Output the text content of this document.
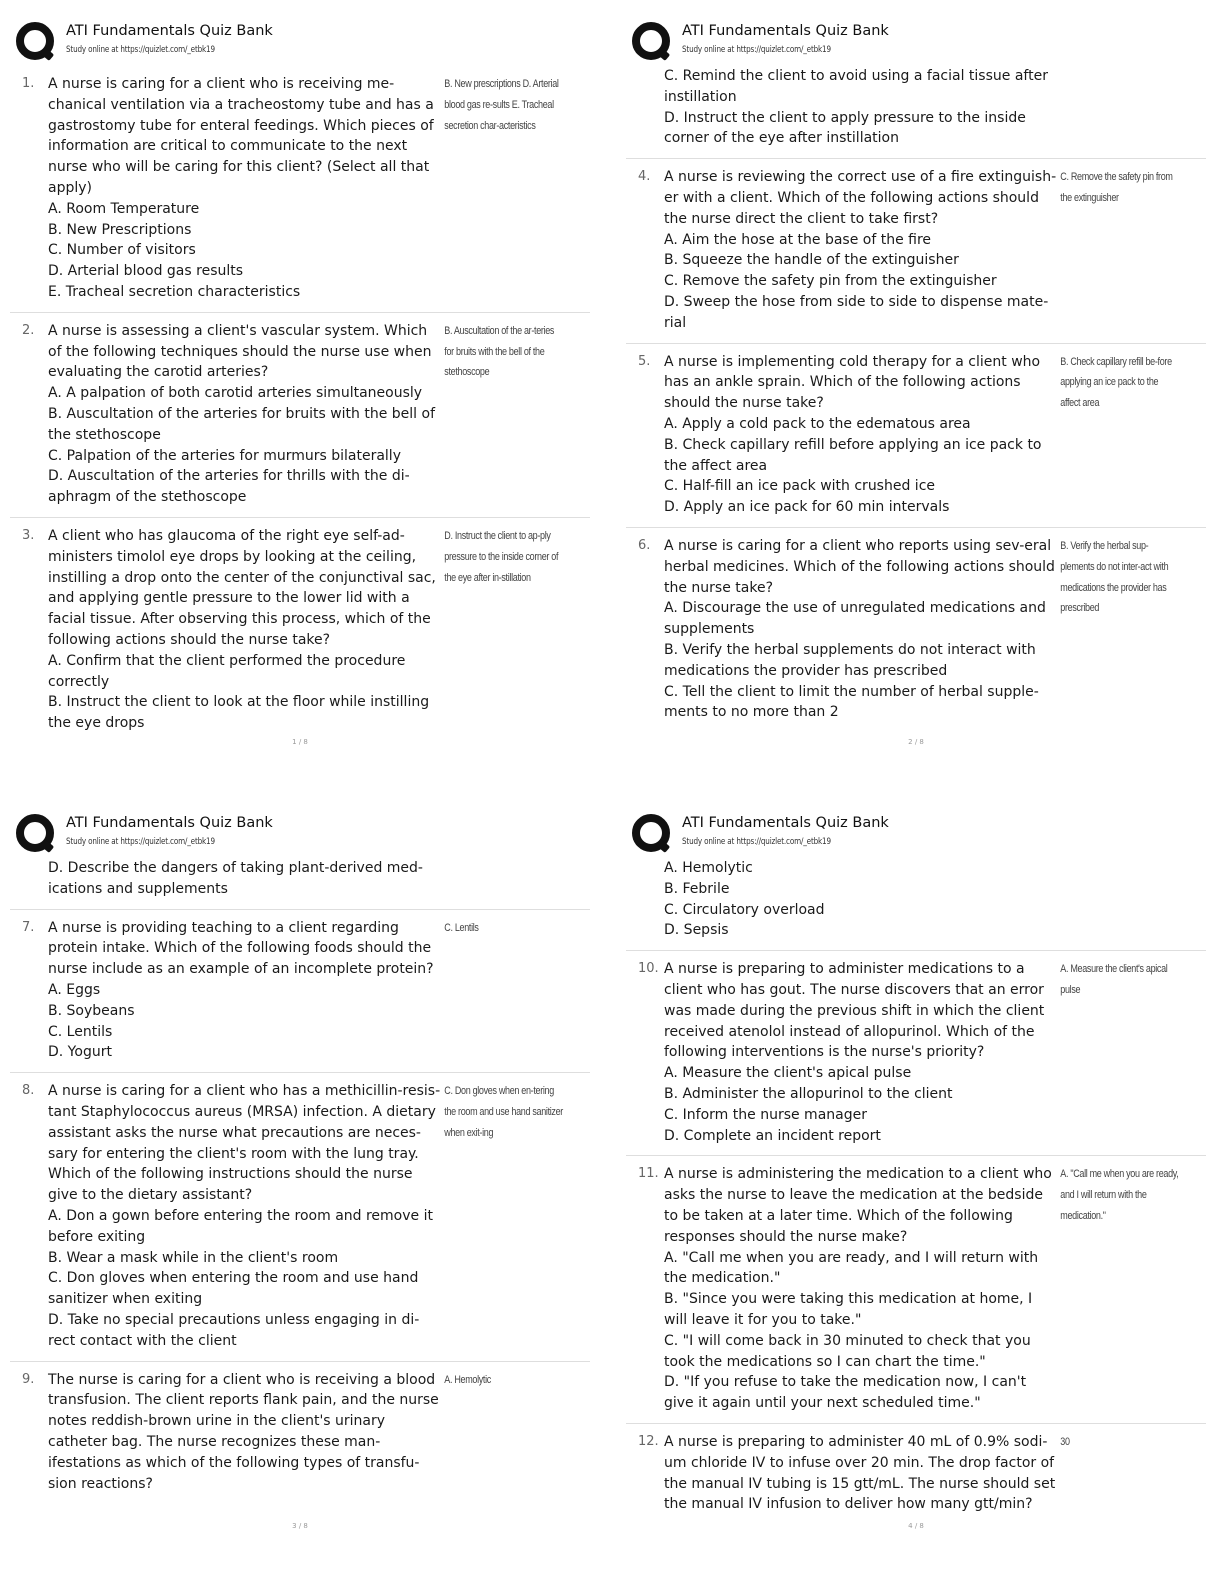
ATI Fundamentals Quiz Bank
Study online at https://quizlet.com/_etbk19
1. A nurse is caring for a client who is receiving me-chanical ventilation via a tracheostomy tube and has a gastrostomy tube for enteral feedings. Which pieces of information are critical to communicate to the next nurse who will be caring for this client? (Select all that apply)
A. Room Temperature
B. New Prescriptions
C. Number of visitors
D. Arterial blood gas results
E. Tracheal secretion characteristics
B. New prescriptions D. Arterial blood gas re-sults E. Tracheal secretion char-acteristics
2. A nurse is assessing a client's vascular system. Which of the following techniques should the nurse use when evaluating the carotid arteries?
A. A palpation of both carotid arteries simultaneously
B. Auscultation of the arteries for bruits with the bell of the stethoscope
C. Palpation of the arteries for murmurs bilaterally
D. Auscultation of the arteries for thrills with the di-aphragm of the stethoscope
B. Auscultation of the ar-teries for bruits with the bell of the stethoscope
3. A client who has glaucoma of the right eye self-ad-ministers timolol eye drops by looking at the ceiling, instilling a drop onto the center of the conjunctival sac, and applying gentle pressure to the lower lid with a facial tissue. After observing this process, which of the following actions should the nurse take?
A. Confirm that the client performed the procedure correctly
B. Instruct the client to look at the floor while instilling the eye drops
D. Instruct the client to ap-ply pressure to the inside corner of the eye after in-stillation
1 / 8
ATI Fundamentals Quiz Bank
Study online at https://quizlet.com/_etbk19
C. Remind the client to avoid using a facial tissue after instillation
D. Instruct the client to apply pressure to the inside corner of the eye after instillation
4. A nurse is reviewing the correct use of a fire extinguish-er with a client. Which of the following actions should the nurse direct the client to take first?
A. Aim the hose at the base of the fire
B. Squeeze the handle of the extinguisher
C. Remove the safety pin from the extinguisher
D. Sweep the hose from side to side to dispense mate-rial
C. Remove the safety pin from the extinguisher
5. A nurse is implementing cold therapy for a client who has an ankle sprain. Which of the following actions should the nurse take?
A. Apply a cold pack to the edematous area
B. Check capillary refill before applying an ice pack to the affect area
C. Half-fill an ice pack with crushed ice
D. Apply an ice pack for 60 min intervals
B. Check capillary refill be-fore applying an ice pack to the affect area
6. A nurse is caring for a client who reports using sev-eral herbal medicines. Which of the following actions should the nurse take?
A. Discourage the use of unregulated medications and supplements
B. Verify the herbal supplements do not interact with medications the provider has prescribed
C. Tell the client to limit the number of herbal supple-ments to no more than 2
B. Verify the herbal sup-plements do not inter-act with medications the provider has prescribed
2 / 8
ATI Fundamentals Quiz Bank
Study online at https://quizlet.com/_etbk19
D. Describe the dangers of taking plant-derived med-ications and supplements
7. A nurse is providing teaching to a client regarding protein intake. Which of the following foods should the nurse include as an example of an incomplete protein?
A. Eggs
B. Soybeans
C. Lentils
D. Yogurt
C. Lentils
8. A nurse is caring for a client who has a methicillin-resis-tant Staphylococcus aureus (MRSA) infection. A dietary assistant asks the nurse what precautions are neces-sary for entering the client's room with the lung tray. Which of the following instructions should the nurse give to the dietary assistant?
A. Don a gown before entering the room and remove it before exiting
B. Wear a mask while in the client's room
C. Don gloves when entering the room and use hand sanitizer when exiting
D. Take no special precautions unless engaging in di-rect contact with the client
C. Don gloves when en-tering the room and use hand sanitizer when exit-ing
9. The nurse is caring for a client who is receiving a blood transfusion. The client reports flank pain, and the nurse notes reddish-brown urine in the client's urinary catheter bag. The nurse recognizes these man-ifestations as which of the following types of transfu-sion reactions?
A. Hemolytic
3 / 8
ATI Fundamentals Quiz Bank
Study online at https://quizlet.com/_etbk19
A. Hemolytic
B. Febrile
C. Circulatory overload
D. Sepsis
10. A nurse is preparing to administer medications to a client who has gout. The nurse discovers that an error was made during the previous shift in which the client received atenolol instead of allopurinol. Which of the following interventions is the nurse's priority?
A. Measure the client's apical pulse
B. Administer the allopurinol to the client
C. Inform the nurse manager
D. Complete an incident report
A. Measure the client's apical pulse
11. A nurse is administering the medication to a client who asks the nurse to leave the medication at the bedside to be taken at a later time. Which of the following responses should the nurse make?
A. "Call me when you are ready, and I will return with the medication."
B. "Since you were taking this medication at home, I will leave it for you to take."
C. "I will come back in 30 minuted to check that you took the medications so I can chart the time."
D. "If you refuse to take the medication now, I can't give it again until your next scheduled time."
A. "Call me when you are ready, and I will return with the medication."
12. A nurse is preparing to administer 40 mL of 0.9% sodi-um chloride IV to infuse over 20 min. The drop factor of the manual IV tubing is 15 gtt/mL. The nurse should set the manual IV infusion to deliver how many gtt/min?
30
4 / 8
